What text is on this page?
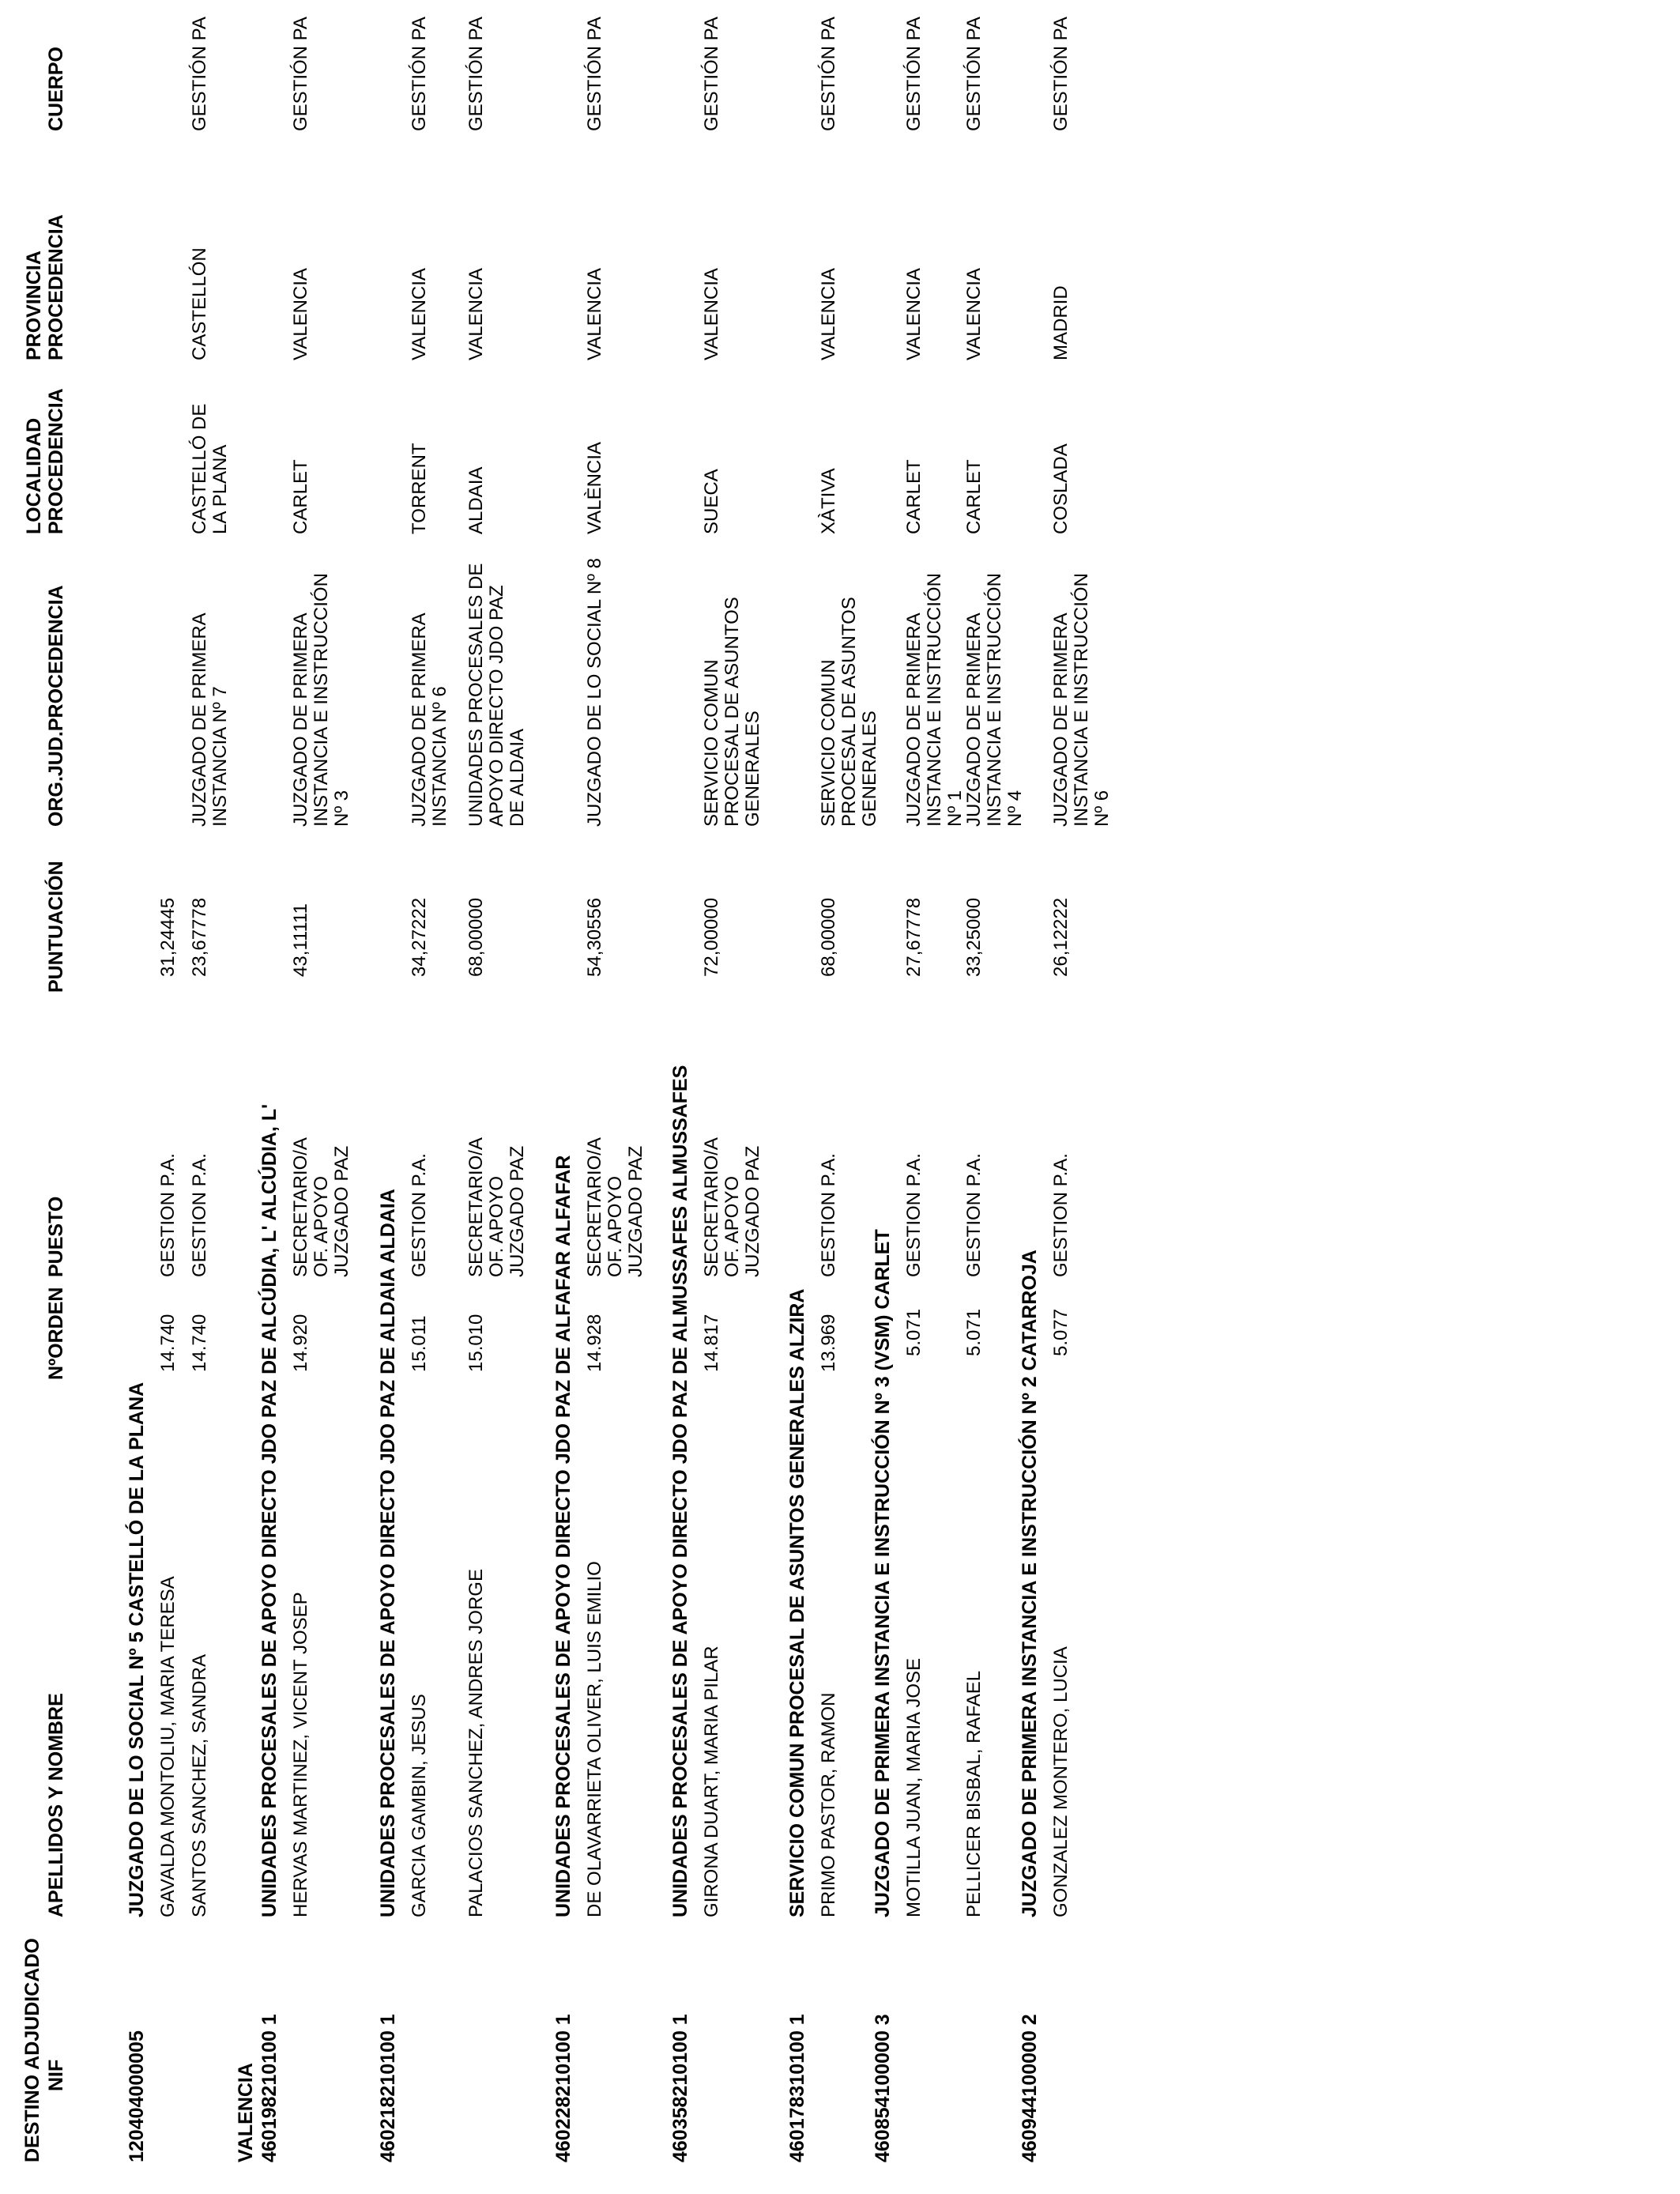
DESTINO ADJUDICADO NIF
APELLIDOS Y NOMBRE
NºORDEN
PUESTO
PUNTUACIÓN
ORG.JUD.PROCEDENCIA
LOCALIDAD PROCEDENCIA
PROVINCIA PROCEDENCIA
CUERPO
120404000005
JUZGADO DE LO SOCIAL Nº 5 CASTELLÓ DE LA PLANA
31,24445
GAVALDA MONTOLIU, MARIA TERESA
14.740
GESTION P.A.
SANTOS SANCHEZ, SANDRA
14.740
GESTION P.A.
23,67778
JUZGADO DE PRIMERA INSTANCIA Nº 7
CASTELLÓ DE LA PLANA
CASTELLÓN
GESTIÓN PA
VALENCIA 460198210100 1
UNIDADES PROCESALES DE APOYO DIRECTO JDO PAZ DE ALCÚDIA, L' ALCÚDIA, L' HERVAS MARTINEZ, VICENT JOSEP
14.920
SECRETARIO/A OF. APOYO JUZGADO PAZ
43,11111
JUZGADO DE PRIMERA INSTANCIA E INSTRUCCIÓN Nº 3
CARLET
VALENCIA
GESTIÓN PA
460218210100 1
UNIDADES PROCESALES DE APOYO DIRECTO JDO PAZ DE ALDAIA ALDAIA GARCIA GAMBIN, JESUS
15.011
GESTION P.A.
34,27222
JUZGADO DE PRIMERA INSTANCIA Nº 6
TORRENT
VALENCIA
GESTIÓN PA
PALACIOS SANCHEZ, ANDRES JORGE
15.010
SECRETARIO/A OF. APOYO JUZGADO PAZ
68,00000
UNIDADES PROCESALES DE APOYO DIRECTO JDO PAZ DE ALDAIA
ALDAIA
VALENCIA
GESTIÓN PA
460228210100 1
UNIDADES PROCESALES DE APOYO DIRECTO JDO PAZ DE ALFAFAR ALFAFAR DE OLAVARRIETA OLIVER, LUIS EMILIO
14.928
SECRETARIO/A OF. APOYO JUZGADO PAZ
54,30556
JUZGADO DE LO SOCIAL Nº 8
VALÈNCIA
VALENCIA
GESTIÓN PA
460358210100 1
UNIDADES PROCESALES DE APOYO DIRECTO JDO PAZ DE ALMUSSAFES ALMUSSAFES GIRONA DUART, MARIA PILAR
14.817
SECRETARIO/A OF. APOYO JUZGADO PAZ
72,00000
SERVICIO COMUN PROCESAL DE ASUNTOS GENERALES
SUECA
VALENCIA
GESTIÓN PA
460178310100 1
SERVICIO COMUN PROCESAL DE ASUNTOS GENERALES ALZIRA PRIMO PASTOR, RAMON
13.969
GESTION P.A.
68,00000
SERVICIO COMUN PROCESAL DE ASUNTOS GENERALES
XÀTIVA
VALENCIA
GESTIÓN PA
460854100000 3
JUZGADO DE PRIMERA INSTANCIA E INSTRUCCIÓN Nº 3 (VSM) CARLET MOTILLA JUAN, MARIA JOSE
5.071
GESTION P.A.
27,67778
JUZGADO DE PRIMERA INSTANCIA E INSTRUCCIÓN Nº 1
CARLET
VALENCIA
GESTIÓN PA
PELLICER BISBAL, RAFAEL
5.071
GESTION P.A.
33,25000
JUZGADO DE PRIMERA INSTANCIA E INSTRUCCIÓN Nº 4
CARLET
VALENCIA
GESTIÓN PA
460944100000 2
JUZGADO DE PRIMERA INSTANCIA E INSTRUCCIÓN Nº 2 CATARROJA GONZALEZ MONTERO, LUCIA
5.077
GESTION P.A.
26,12222
JUZGADO DE PRIMERA INSTANCIA E INSTRUCCIÓN Nº 6
COSLADA
MADRID
GESTIÓN PA
